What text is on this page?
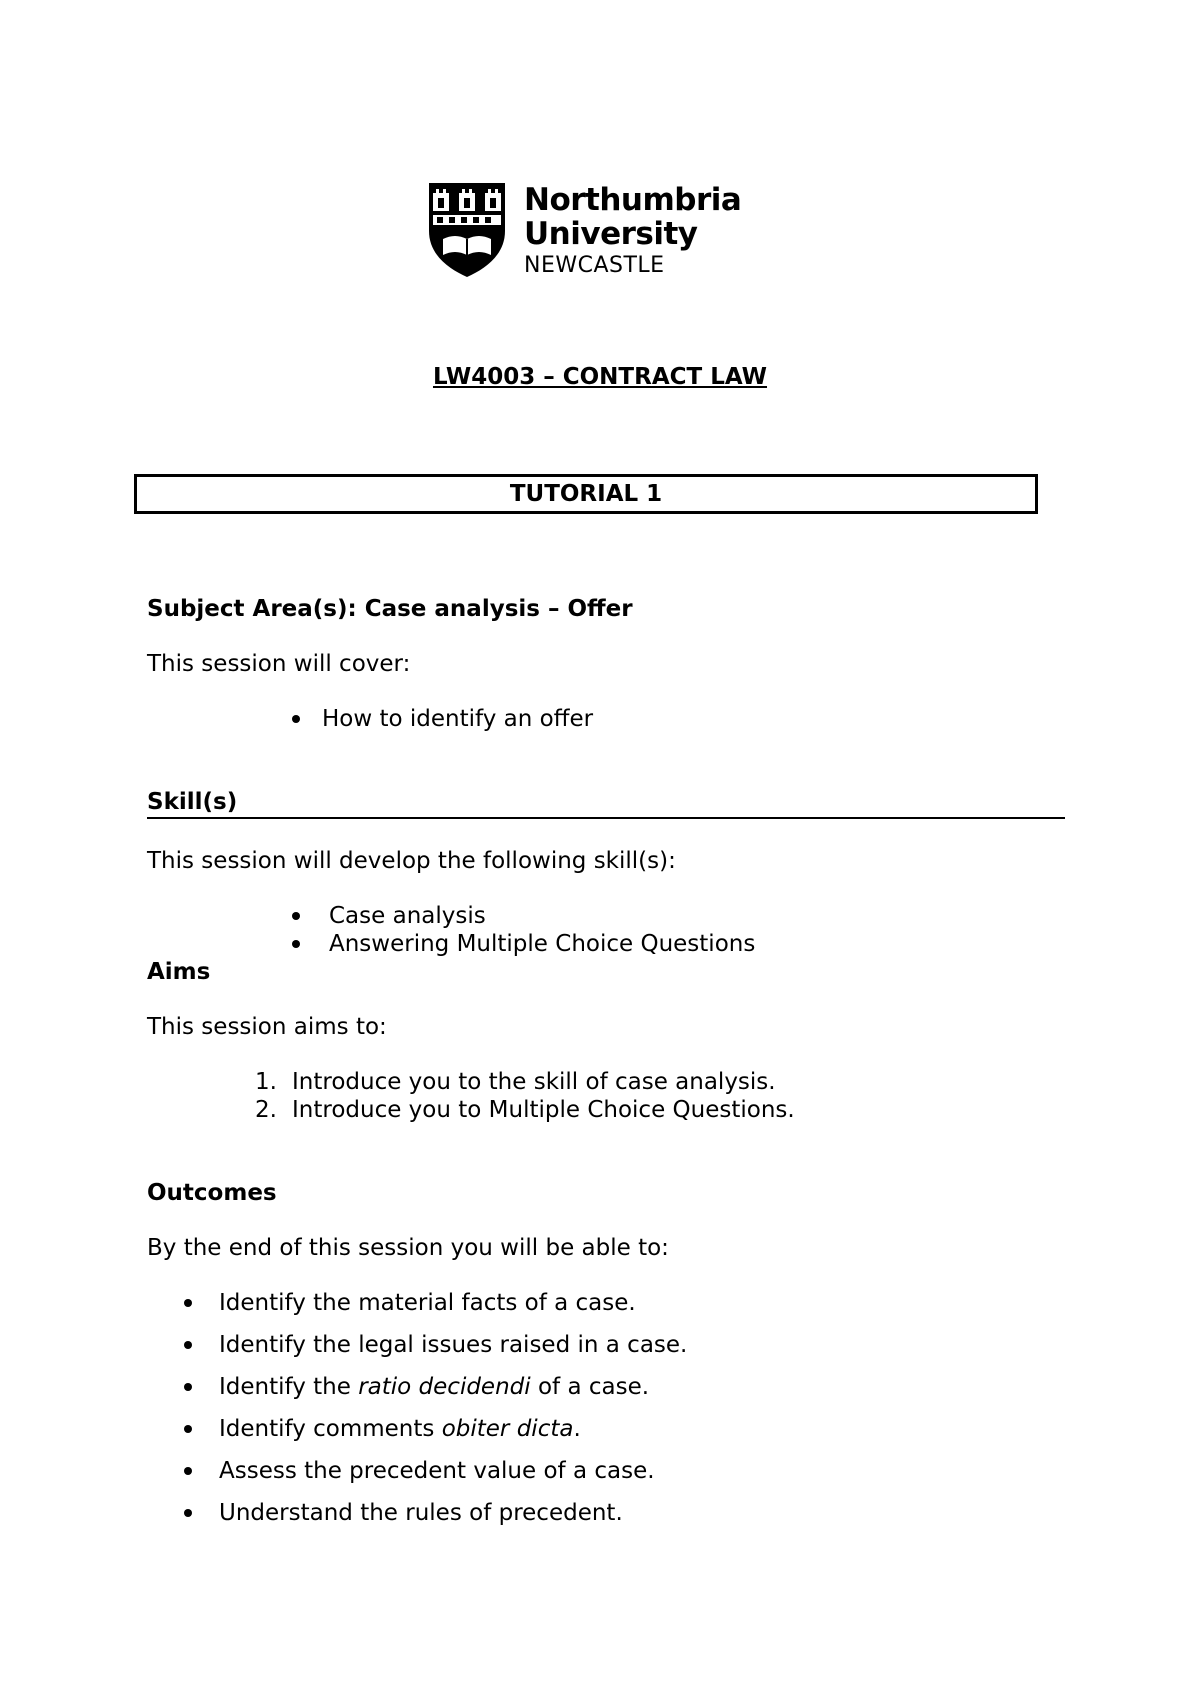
Northumbria
University
NEWCASTLE
LW4003 – CONTRACT LAW
TUTORIAL 1
Subject Area(s): Case analysis – Offer
This session will cover:
How to identify an offer
Skill(s)
This session will develop the following skill(s):
Case analysis
Answering Multiple Choice Questions
Aims
This session aims to:
1. Introduce you to the skill of case analysis.
2. Introduce you to Multiple Choice Questions.
Outcomes
By the end of this session you will be able to:
Identify the material facts of a case.
Identify the legal issues raised in a case.
Identify the ratio decidendi of a case.
Identify comments obiter dicta.
Assess the precedent value of a case.
Understand the rules of precedent.
